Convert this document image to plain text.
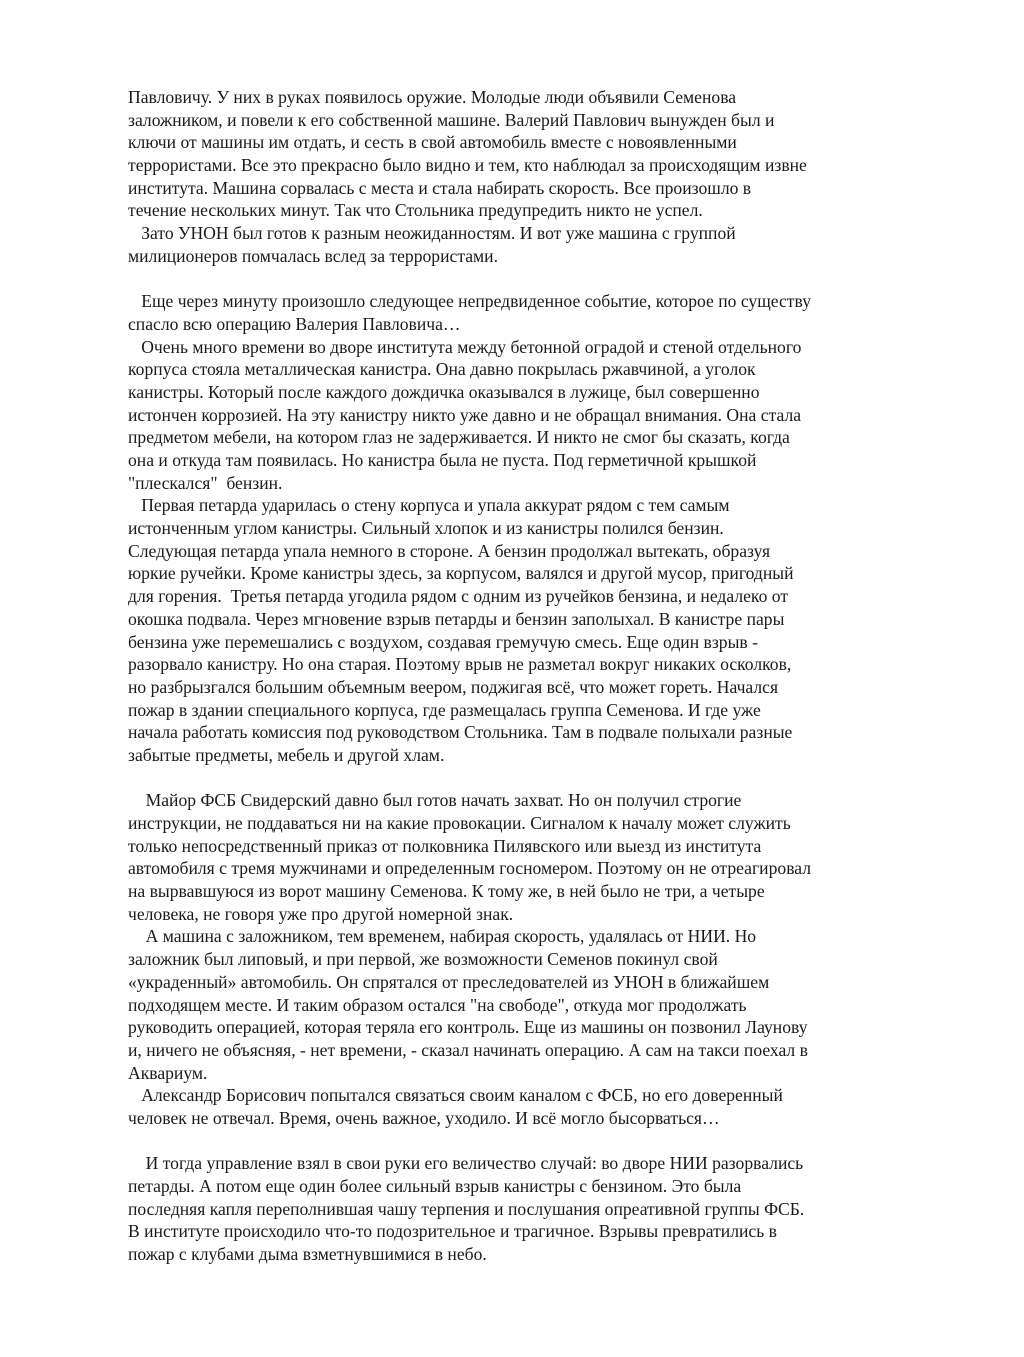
Павловичу. У них в руках появилось оружие. Молодые люди объявили Семенова
заложником, и повели к его собственной машине. Валерий Павлович вынужден был и
ключи от машины им отдать, и сесть в свой автомобиль вместе с новоявленными
террористами. Все это прекрасно было видно и тем, кто наблюдал за происходящим извне
института. Машина сорвалась с места и стала набирать скорость. Все произошло в
течение нескольких минут. Так что Стольника предупредить никто не успел.
Зато УНОН был готов к разным неожиданностям. И вот уже машина с группой
милиционеров помчалась вслед за террористами.
Еще через минуту произошло следующее непредвиденное событие, которое по существу
спасло всю операцию Валерия Павловича…
Очень много времени во дворе института между бетонной оградой и стеной отдельного
корпуса стояла металлическая канистра. Она давно покрылась ржавчиной, а уголок
канистры. Который после каждого дождичка оказывался в лужице, был совершенно
истончен коррозией. На эту канистру никто уже давно и не обращал внимания. Она стала
предметом мебели, на котором глаз не задерживается. И никто не смог бы сказать, когда
она и откуда там появилась. Но канистра была не пуста. Под герметичной крышкой
"плескался"  бензин.
Первая петарда ударилась о стену корпуса и упала аккурат рядом с тем самым
истонченным углом канистры. Сильный хлопок и из канистры полился бензин.
Следующая петарда упала немного в стороне. А бензин продолжал вытекать, образуя
юркие ручейки. Кроме канистры здесь, за корпусом, валялся и другой мусор, пригодный
для горения.  Третья петарда угодила рядом с одним из ручейков бензина, и недалеко от
окошка подвала. Через мгновение взрыв петарды и бензин заполыхал. В канистре пары
бензина уже перемешались с воздухом, создавая гремучую смесь. Еще один взрыв -
разорвало канистру. Но она старая. Поэтому врыв не разметал вокруг никаких осколков,
но разбрызгался большим объемным веером, поджигая всё, что может гореть. Начался
пожар в здании специального корпуса, где размещалась группа Семенова. И где уже
начала работать комиссия под руководством Стольника. Там в подвале полыхали разные
забытые предметы, мебель и другой хлам.
Майор ФСБ Свидерский давно был готов начать захват. Но он получил строгие
инструкции, не поддаваться ни на какие провокации. Сигналом к началу может служить
только непосредственный приказ от полковника Пилявского или выезд из института
автомобиля с тремя мужчинами и определенным госномером. Поэтому он не отреагировал
на вырвавшуюся из ворот машину Семенова. К тому же, в ней было не три, а четыре
человека, не говоря уже про другой номерной знак.
А машина с заложником, тем временем, набирая скорость, удалялась от НИИ. Но
заложник был липовый, и при первой, же возможности Семенов покинул свой
«украденный» автомобиль. Он спрятался от преследователей из УНОН в ближайшем
подходящем месте. И таким образом остался "на свободе", откуда мог продолжать
руководить операцией, которая теряла его контроль. Еще из машины он позвонил Лаунову
и, ничего не объясняя, - нет времени, - сказал начинать операцию. А сам на такси поехал в
Аквариум.
Александр Борисович попытался связаться своим каналом с ФСБ, но его доверенный
человек не отвечал. Время, очень важное, уходило. И всё могло бысорваться…
И тогда управление взял в свои руки его величество случай: во дворе НИИ разорвались
петарды. А потом еще один более сильный взрыв канистры с бензином. Это была
последняя капля переполнившая чашу терпения и послушания опреативной группы ФСБ.
В институте происходило что-то подозрительное и трагичное. Взрывы превратились в
пожар с клубами дыма взметнувшимися в небо.
